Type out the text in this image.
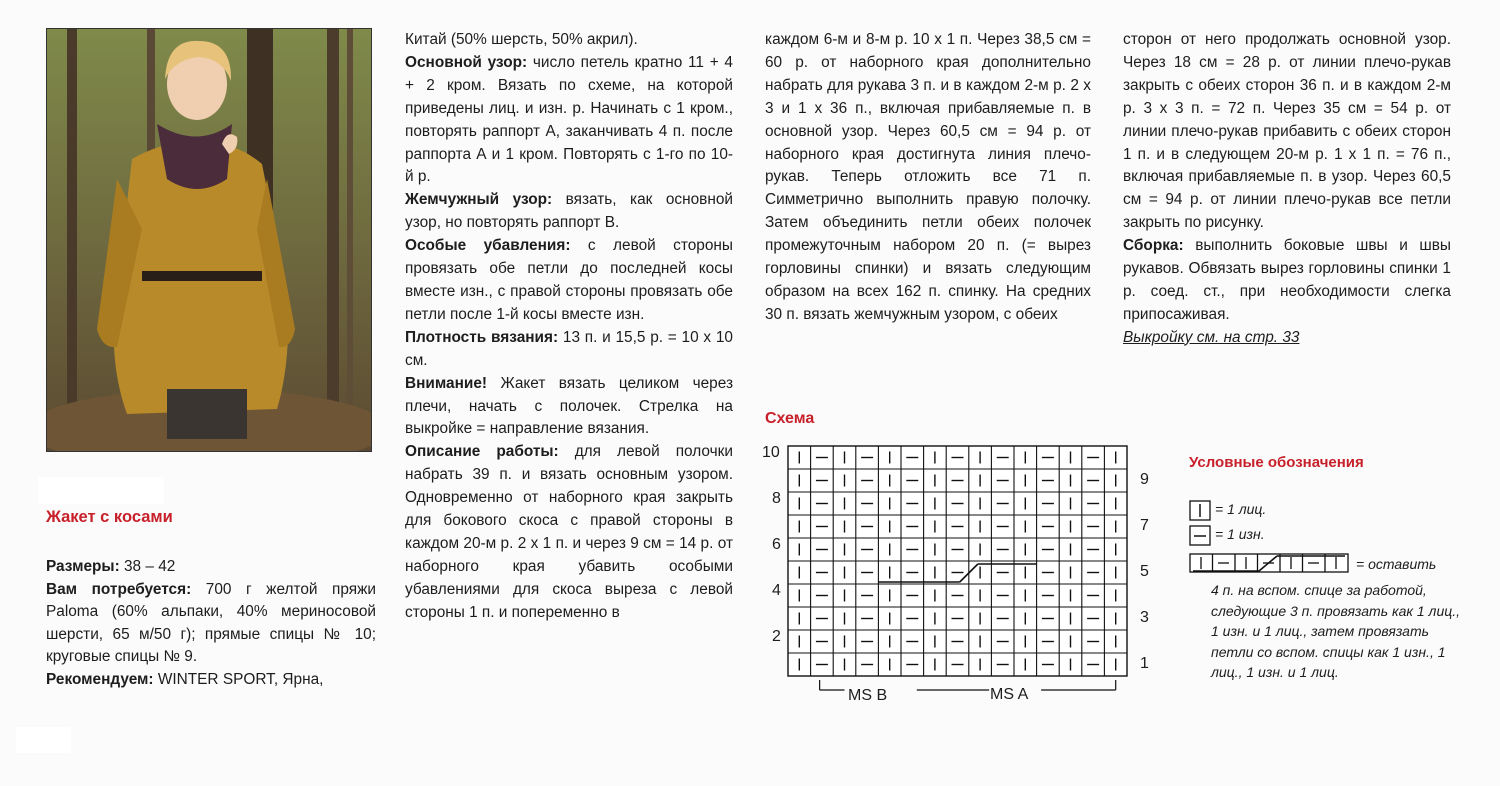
Жакет с косами

Размеры: 38 – 42

Вам потребуется: 700 г желтой пряжи Paloma (60% альпаки, 40% мериносовой шерсти, 65 м/50 г); прямые спицы № 10; круговые спицы № 9.

Рекомендуем: WINTER SPORT, Ярна,

Китай (50% шерсть, 50% акрил).

Основной узор: число петель кратно 11 + 4 + 2 кром. Вязать по схеме, на которой приведены лиц. и изн. р. Начинать с 1 кром., повторять раппорт А, заканчивать 4 п. после раппорта А и 1 кром. Повторять с 1-го по 10-й р.

Жемчужный узор: вязать, как основной узор, но повторять раппорт В.

Особые убавления: с левой стороны провязать обе петли до последней косы вместе изн., с правой стороны провязать обе петли после 1-й косы вместе изн.

Плотность вязания: 13 п. и 15,5 р. = 10 х 10 см.

Внимание! Жакет вязать целиком через плечи, начать с полочек. Стрелка на выкройке = направление вязания.

Описание работы: для левой полочки набрать 39 п. и вязать основным узором. Одновременно от наборного края закрыть для бокового скоса с правой стороны в каждом 20-м р. 2 х 1 п. и через 9 см = 14 р. от наборного края убавить особыми убавлениями для скоса выреза с левой стороны 1 п. и попеременно в

каждом 6-м и 8-м р. 10 х 1 п. Через 38,5 см = 60 р. от наборного края дополнительно набрать для рукава 3 п. и в каждом 2-м р. 2 х 3 и 1 х 36 п., включая прибавляемые п. в основной узор. Через 60,5 см = 94 р. от наборного края достигнута линия плечо-рукав. Теперь отложить все 71 п. Симметрично выполнить правую полочку. Затем объединить петли обеих полочек промежуточным набором 20 п. (= вырез горловины спинки) и вязать следующим образом на всех 162 п. спинку. На средних 30 п. вязать жемчужным узором, с обеих

сторон от него продолжать основной узор. Через 18 см = 28 р. от линии плечо-рукав закрыть с обеих сторон 36 п. и в каждом 2-м р. 3 х 3 п. = 72 п. Через 35 см = 54 р. от линии плечо-рукав прибавить с обеих сторон 1 п. и в следующем 20-м р. 1 х 1 п. = 76 п., включая прибавляемые п. в узор. Через 60,5 см = 94 р. от линии плечо-рукав все петли закрыть по рисунку.

Сборка: выполнить боковые швы и швы рукавов. Обвязать вырез горловины спинки 1 р. соед. ст., при необходимости слегка припосаживая.

Выкройку см. на стр. 33

Схема
10
8
6
4
2
9
7
5
3
1
MS B	MS A
Условные обозначения
= 1 лиц.
= 1 изн.
= оставить

4 п. на вспом. спице за работой, следующие 3 п. провязать как 1 лиц., 1 изн. и 1 лиц., затем провязать петли со вспом. спицы как 1 изн., 1 лиц., 1 изн. и 1 лиц.
